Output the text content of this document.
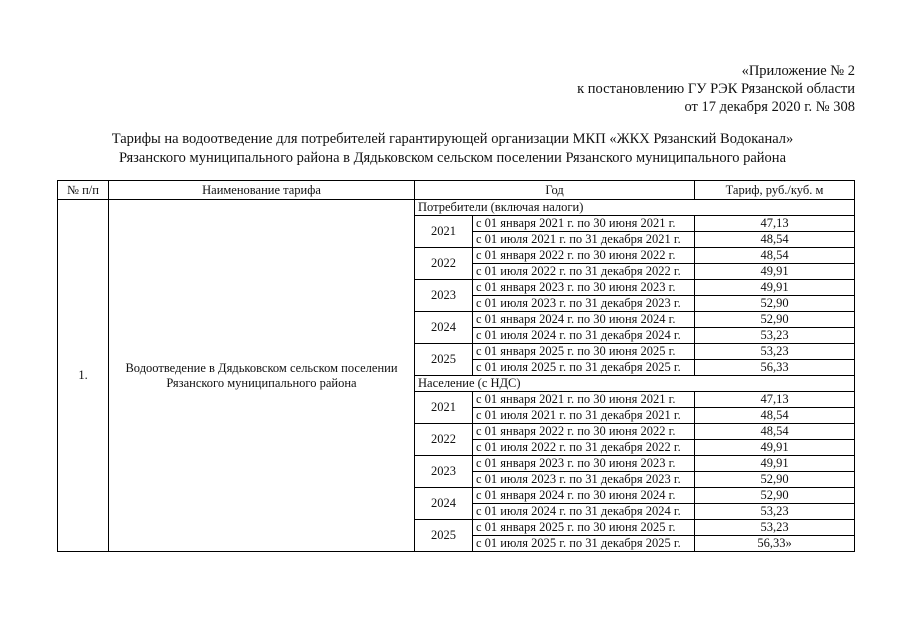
«Приложение № 2
к постановлению ГУ РЭК Рязанской области
от 17 декабря 2020 г. № 308
Тарифы на водоотведение для потребителей гарантирующей организации МКП «ЖКХ Рязанский Водоканал»
Рязанского муниципального района в Дядьковском сельском поселении Рязанского муниципального района
№ п/п	Наименование тарифа	Год		Тариф, руб./куб. м
1.	Водоотведение в Дядьковском сельском поселении Рязанского муниципального района	Потребители (включая налоги)		
		2021	с 01 января 2021 г. по 30 июня 2021 г.	47,13
			с 01 июля 2021 г. по 31 декабря 2021 г.	48,54
		2022	с 01 января 2022 г. по 30 июня 2022 г.	48,54
			с 01 июля 2022 г. по 31 декабря 2022 г.	49,91
		2023	с 01 января 2023 г. по 30 июня 2023 г.	49,91
			с 01 июля 2023 г. по 31 декабря 2023 г.	52,90
		2024	с 01 января 2024 г. по 30 июня 2024 г.	52,90
			с 01 июля 2024 г. по 31 декабря 2024 г.	53,23
		2025	с 01 января 2025 г. по 30 июня 2025 г.	53,23
			с 01 июля 2025 г. по 31 декабря 2025 г.	56,33
		Население (с НДС)		
		2021	с 01 января 2021 г. по 30 июня 2021 г.	47,13
			с 01 июля 2021 г. по 31 декабря 2021 г.	48,54
		2022	с 01 января 2022 г. по 30 июня 2022 г.	48,54
			с 01 июля 2022 г. по 31 декабря 2022 г.	49,91
		2023	с 01 января 2023 г. по 30 июня 2023 г.	49,91
			с 01 июля 2023 г. по 31 декабря 2023 г.	52,90
		2024	с 01 января 2024 г. по 30 июня 2024 г.	52,90
			с 01 июля 2024 г. по 31 декабря 2024 г.	53,23
		2025	с 01 января 2025 г. по 30 июня 2025 г.	53,23
			с 01 июля 2025 г. по 31 декабря 2025 г.	56,33»
